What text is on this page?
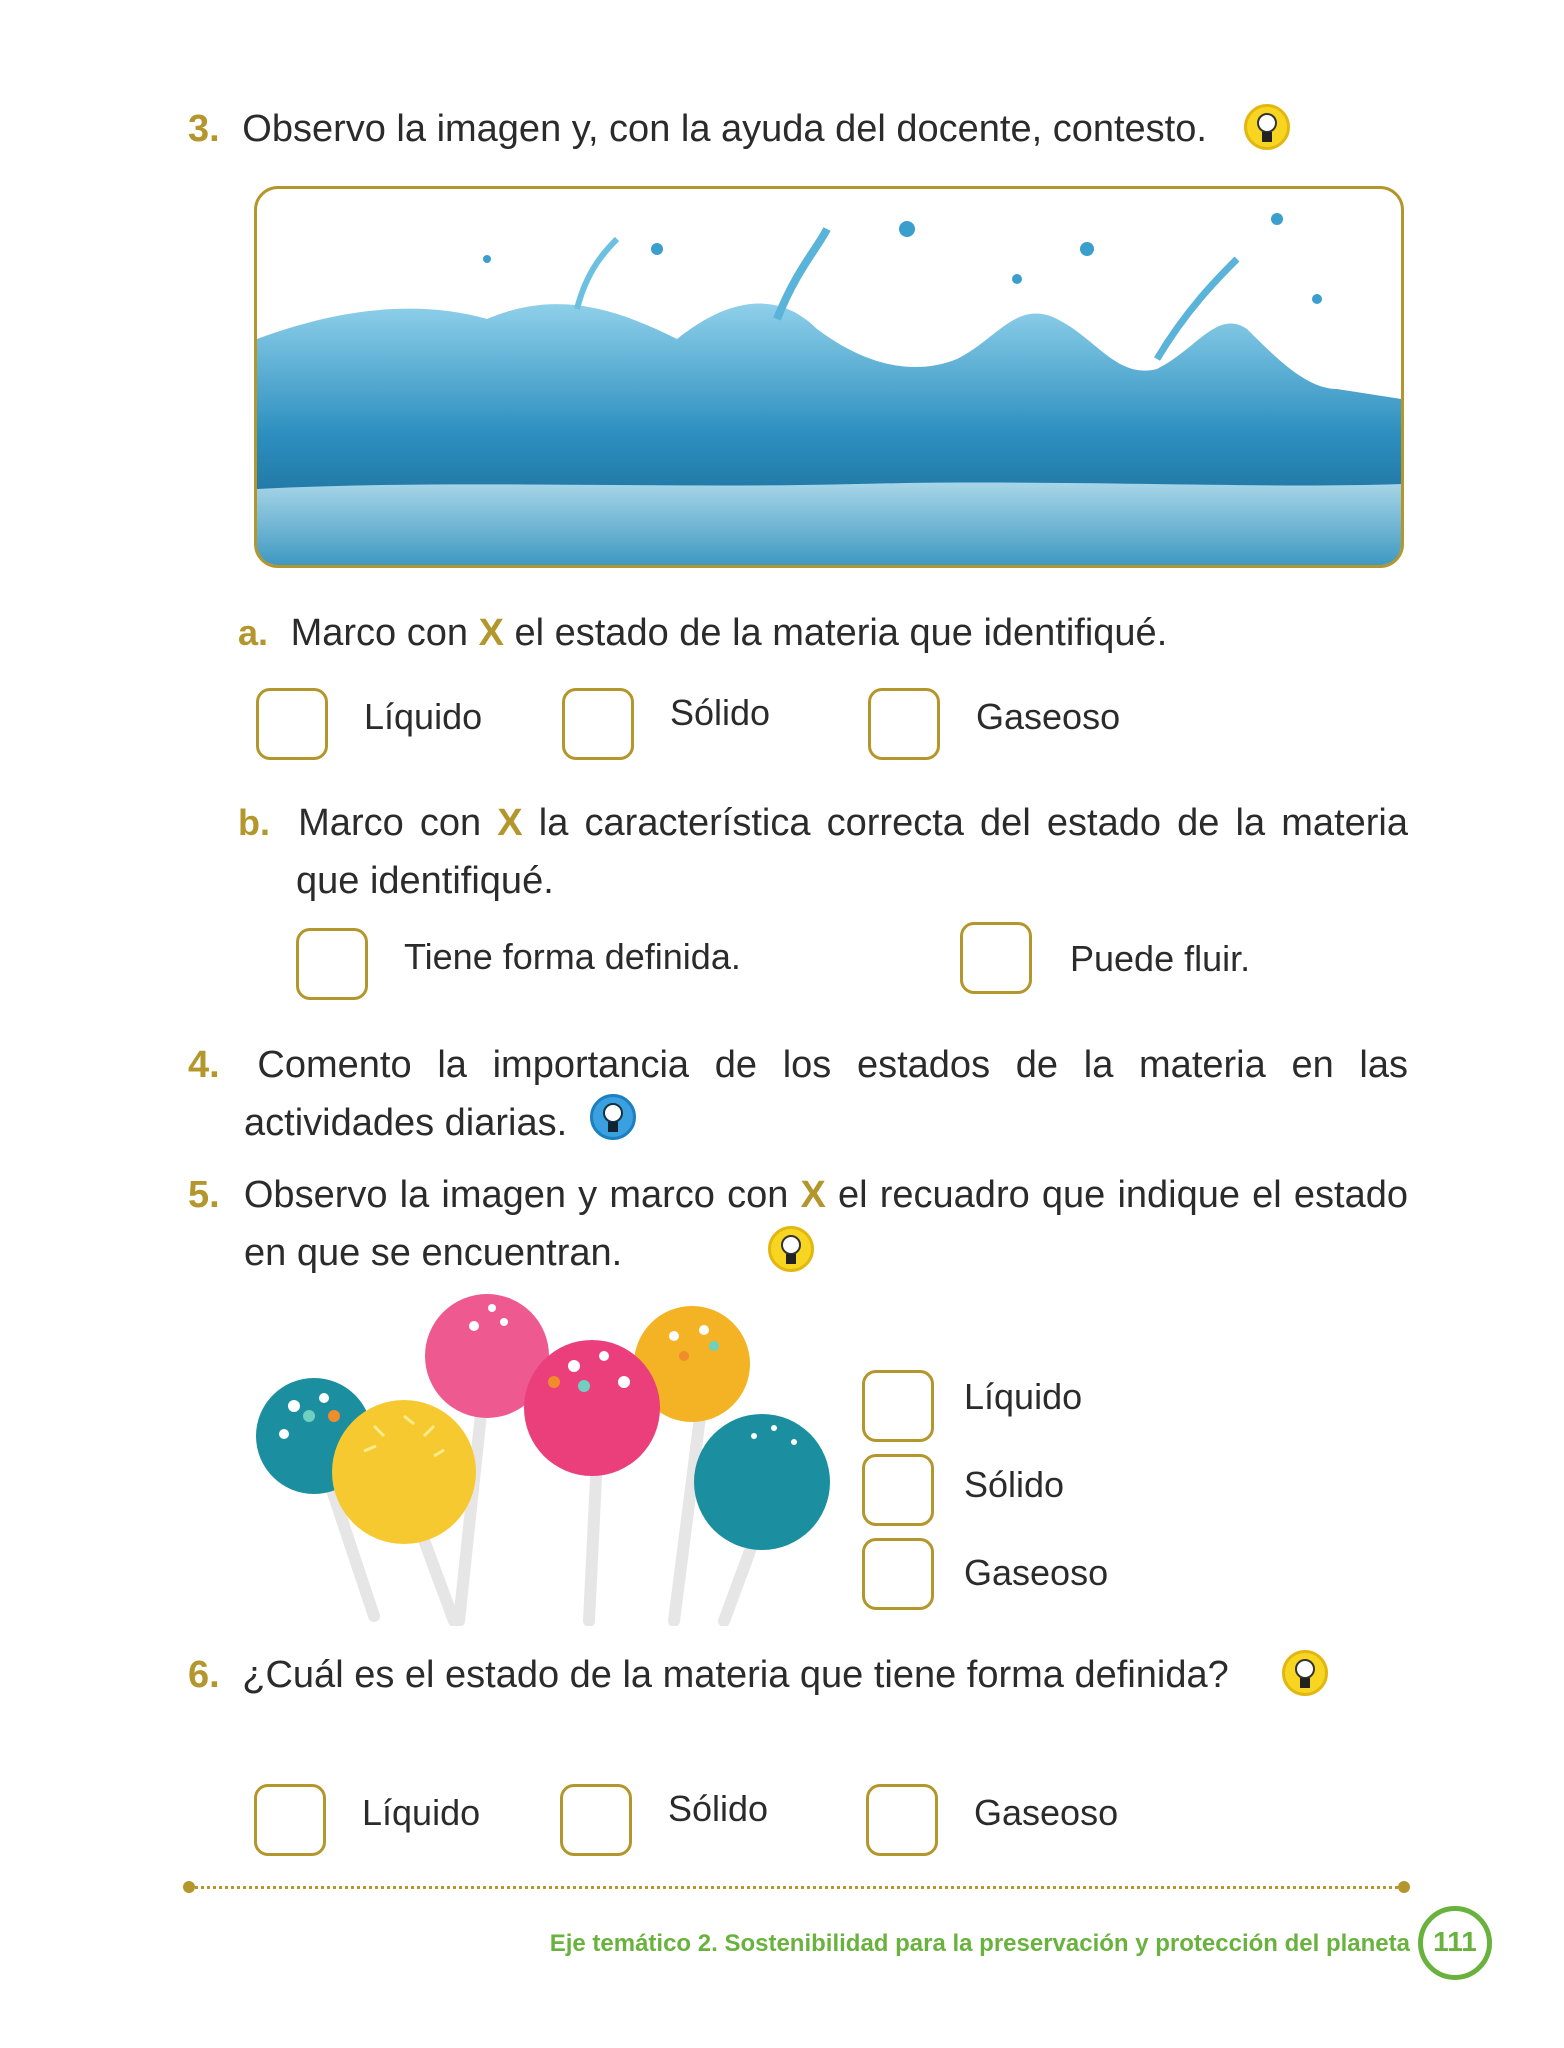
3. Observo la imagen y, con la ayuda del docente, contesto.
a. Marco con X el estado de la materia que identifiqué.
Líquido	Sólido	Gaseoso
b. Marco con X la característica correcta del estado de la materia
que identifiqué.
Tiene forma definida.	Puede fluir.
4. Comento la importancia de los estados de la materia en las
actividades diarias.
5. Observo la imagen y marco con X el recuadro que indique el estado
en que se encuentran.
Líquido
Sólido
Gaseoso
6. ¿Cuál es el estado de la materia que tiene forma definida?
Líquido	Sólido	Gaseoso
Eje temático 2. Sostenibilidad para la preservación y protección del planeta 111
